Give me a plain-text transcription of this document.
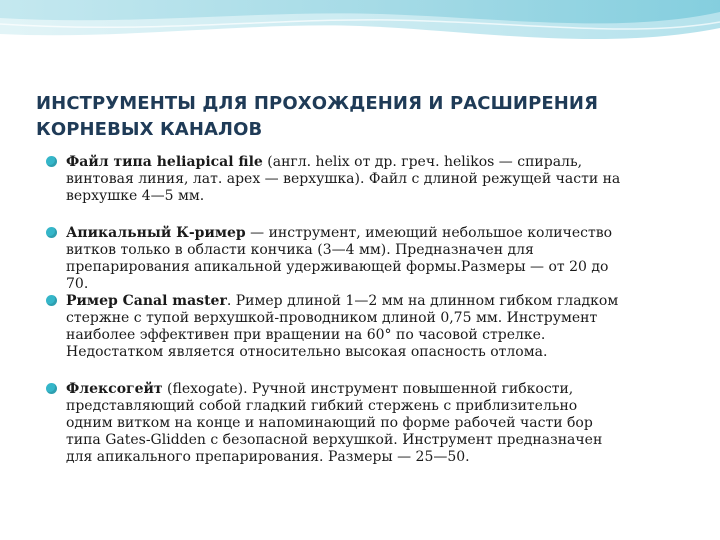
ИНСТРУМЕНТЫ ДЛЯ ПРОХОЖДЕНИЯ И РАСШИРЕНИЯ
КОРНЕВЫХ КАНАЛОВ
Файл типа heliapical file (англ. helix от др. греч. helikos — спираль,
винтовая линия, лат. apex — верхушка). Файл с длиной режущей части на
верхушке 4—5 мм.
Апикальный К-ример — инструмент, имеющий небольшое количество
витков только в области кончика (3—4 мм). Предназначен для
препарирования апикальной удерживающей формы.Размеры — от 20 до
70.
Ример Canal master. Ример длиной 1—2 мм на длинном гибком гладком
стержне с тупой верхушкой-проводником длиной 0,75 мм. Инструмент
наиболее эффективен при вращении на 60° по часовой стрелке.
Недостатком является относительно высокая опасность отлома.
Флексогейт (flexogate). Ручной инструмент повышенной гибкости,
представляющий собой гладкий гибкий стержень с приблизительно
одним витком на конце и напоминающий по форме рабочей части бор
типа Gates-Glidden с безопасной верхушкой. Инструмент предназначен
для апикального препарирования. Размеры — 25—50.
